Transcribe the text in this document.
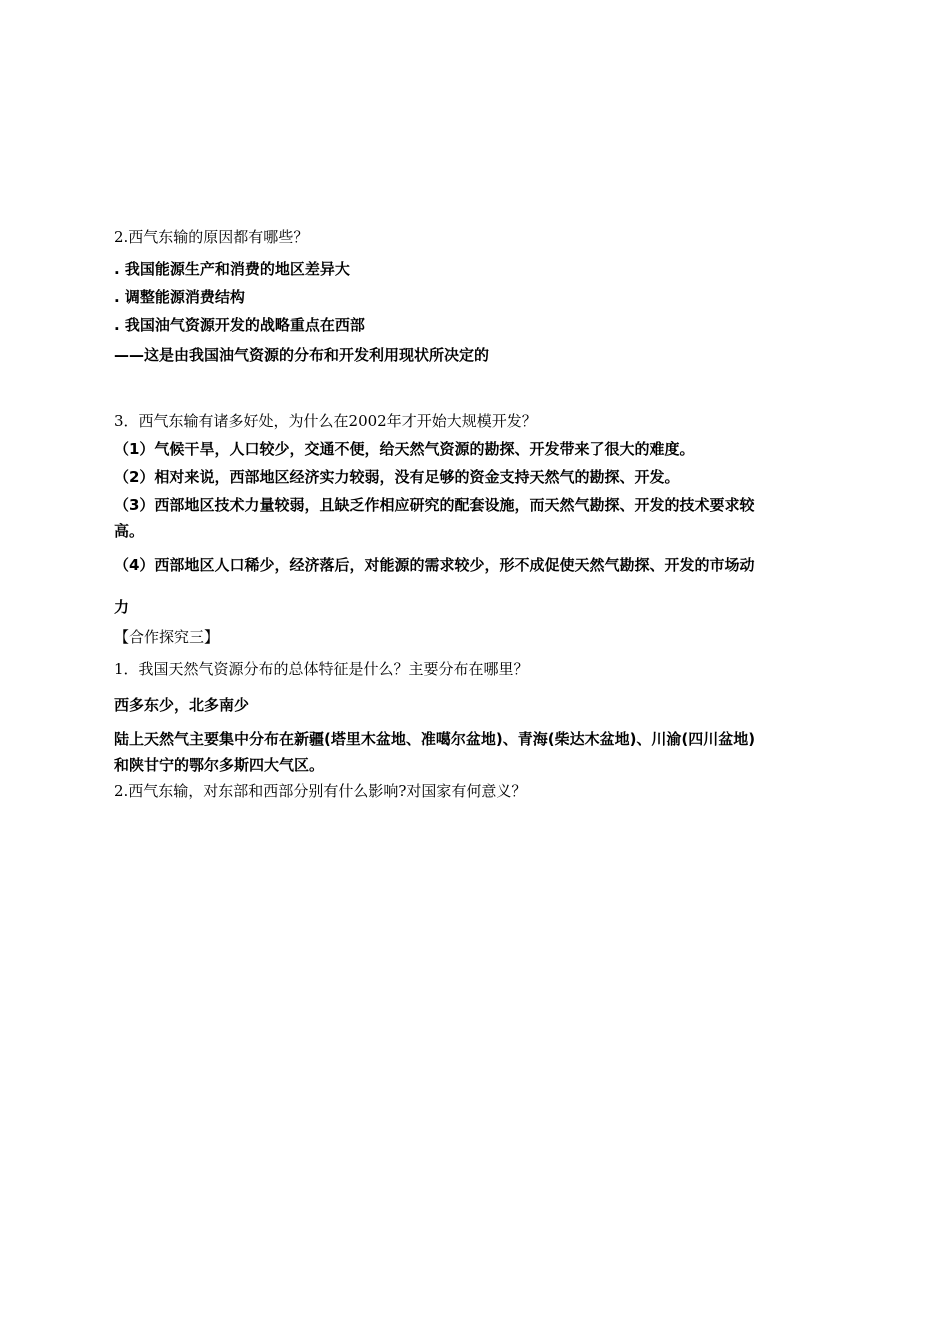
2.西气东输的原因都有哪些？
. 我国能源生产和消费的地区差异大
. 调整能源消费结构
. 我国油气资源开发的战略重点在西部
——这是由我国油气资源的分布和开发利用现状所决定的
3．西气东输有诸多好处，为什么在2002年才开始大规模开发？
（1）气候干旱，人口较少，交通不便，给天然气资源的勘探、开发带来了很大的难度。
（2）相对来说，西部地区经济实力较弱，没有足够的资金支持天然气的勘探、开发。
（3）西部地区技术力量较弱，且缺乏作相应研究的配套设施，而天然气勘探、开发的技术要求较
高。
（4）西部地区人口稀少，经济落后，对能源的需求较少，形不成促使天然气勘探、开发的市场动
力
【合作探究三】
1．我国天然气资源分布的总体特征是什么？主要分布在哪里？
西多东少，北多南少
陆上天然气主要集中分布在新疆(塔里木盆地、准噶尔盆地)、青海(柴达木盆地)、川渝(四川盆地)
和陕甘宁的鄂尔多斯四大气区。
2.西气东输，对东部和西部分别有什么影响?对国家有何意义？
